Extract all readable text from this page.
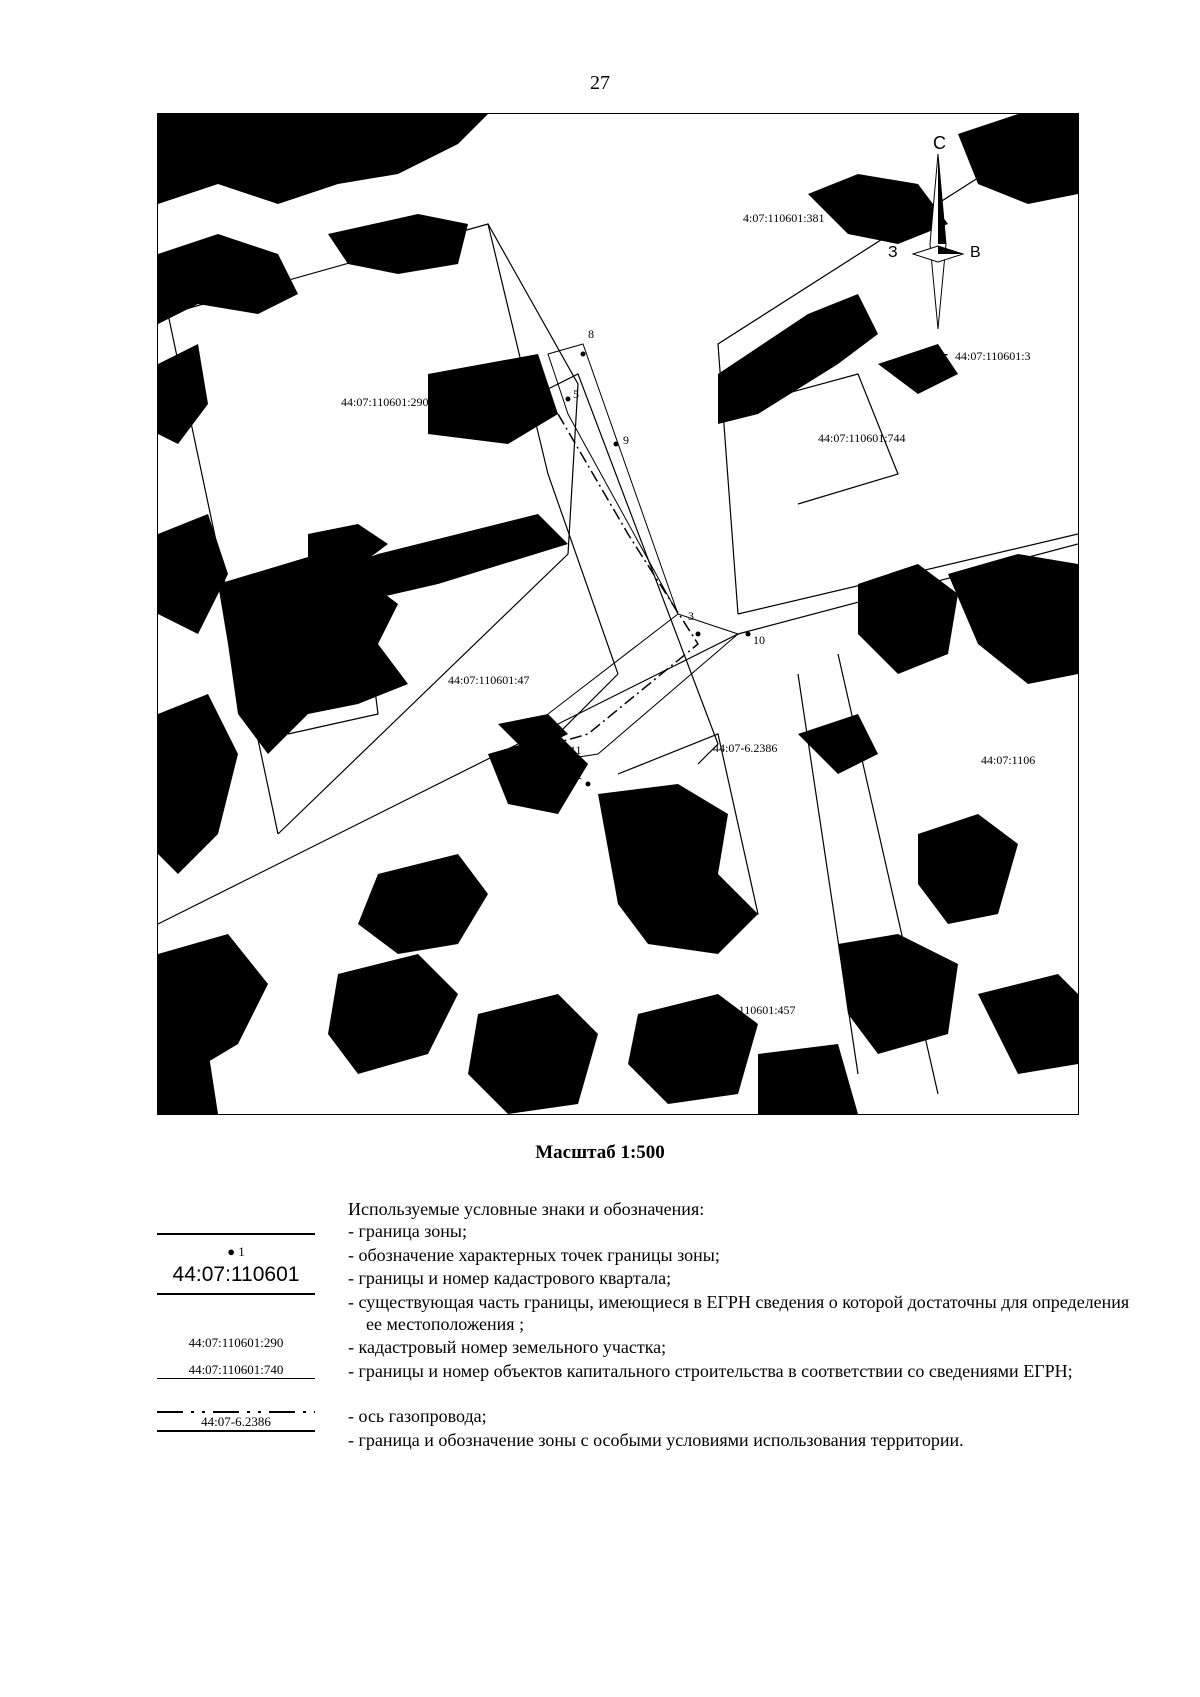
27
С
В
З
ЮГ
44:07:110601:290
4:07:110601:381
44:07:110601:3
44:07:110601:744
44:07:110601:47
44:07:1106
44:07:110601:457
44:07-6.2386
44:07-6.2385
44:0 01
2
3
5
8
9
10
11
12
Масштаб 1:500
Используемые условные знаки и обозначения:
● 1
44:07:110601
44:07:110601:290
44:07:110601:740
44:07-6.2386
- граница зоны;
- обозначение характерных точек границы зоны;
- границы и номер кадастрового квартала;
- существующая часть границы, имеющиеся в ЕГРН сведения о которой достаточны для определения ее местоположения ;
- кадастровый номер земельного участка;
- границы и номер объектов капитального строительства в соответствии со сведениями ЕГРН;
- ось газопровода;
- граница и обозначение зоны с особыми условиями использования территории.
